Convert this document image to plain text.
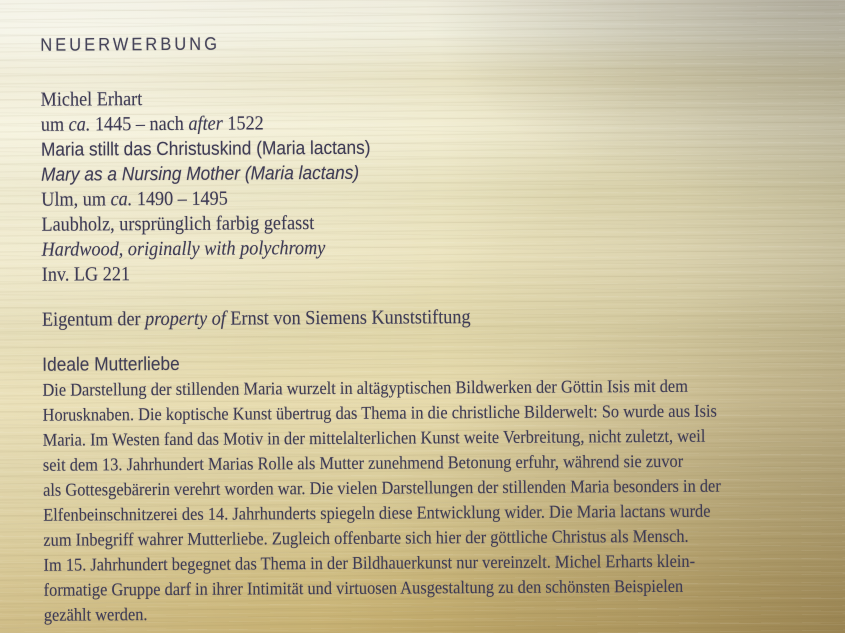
NEUERWERBUNG
Michel Erhart
um ca. 1445 – nach after 1522
Maria stillt das Christuskind (Maria lactans)
Mary as a Nursing Mother (Maria lactans)
Ulm, um ca. 1490 – 1495
Laubholz, ursprünglich farbig gefasst
Hardwood, originally with polychromy
Inv. LG 221
Eigentum der property of Ernst von Siemens Kunststiftung
Ideale Mutterliebe
Die Darstellung der stillenden Maria wurzelt in altägyptischen Bildwerken der Göttin Isis mit dem
Horusknaben. Die koptische Kunst übertrug das Thema in die christliche Bilderwelt: So wurde aus Isis
Maria. Im Westen fand das Motiv in der mittelalterlichen Kunst weite Verbreitung, nicht zuletzt, weil
seit dem 13. Jahrhundert Marias Rolle als Mutter zunehmend Betonung erfuhr, während sie zuvor
als Gottesgebärerin verehrt worden war. Die vielen Darstellungen der stillenden Maria besonders in der
Elfenbeinschnitzerei des 14. Jahrhunderts spiegeln diese Entwicklung wider. Die Maria lactans wurde
zum Inbegriff wahrer Mutterliebe. Zugleich offenbarte sich hier der göttliche Christus als Mensch.
Im 15. Jahrhundert begegnet das Thema in der Bildhauerkunst nur vereinzelt. Michel Erharts klein-
formatige Gruppe darf in ihrer Intimität und virtuosen Ausgestaltung zu den schönsten Beispielen
gezählt werden.
